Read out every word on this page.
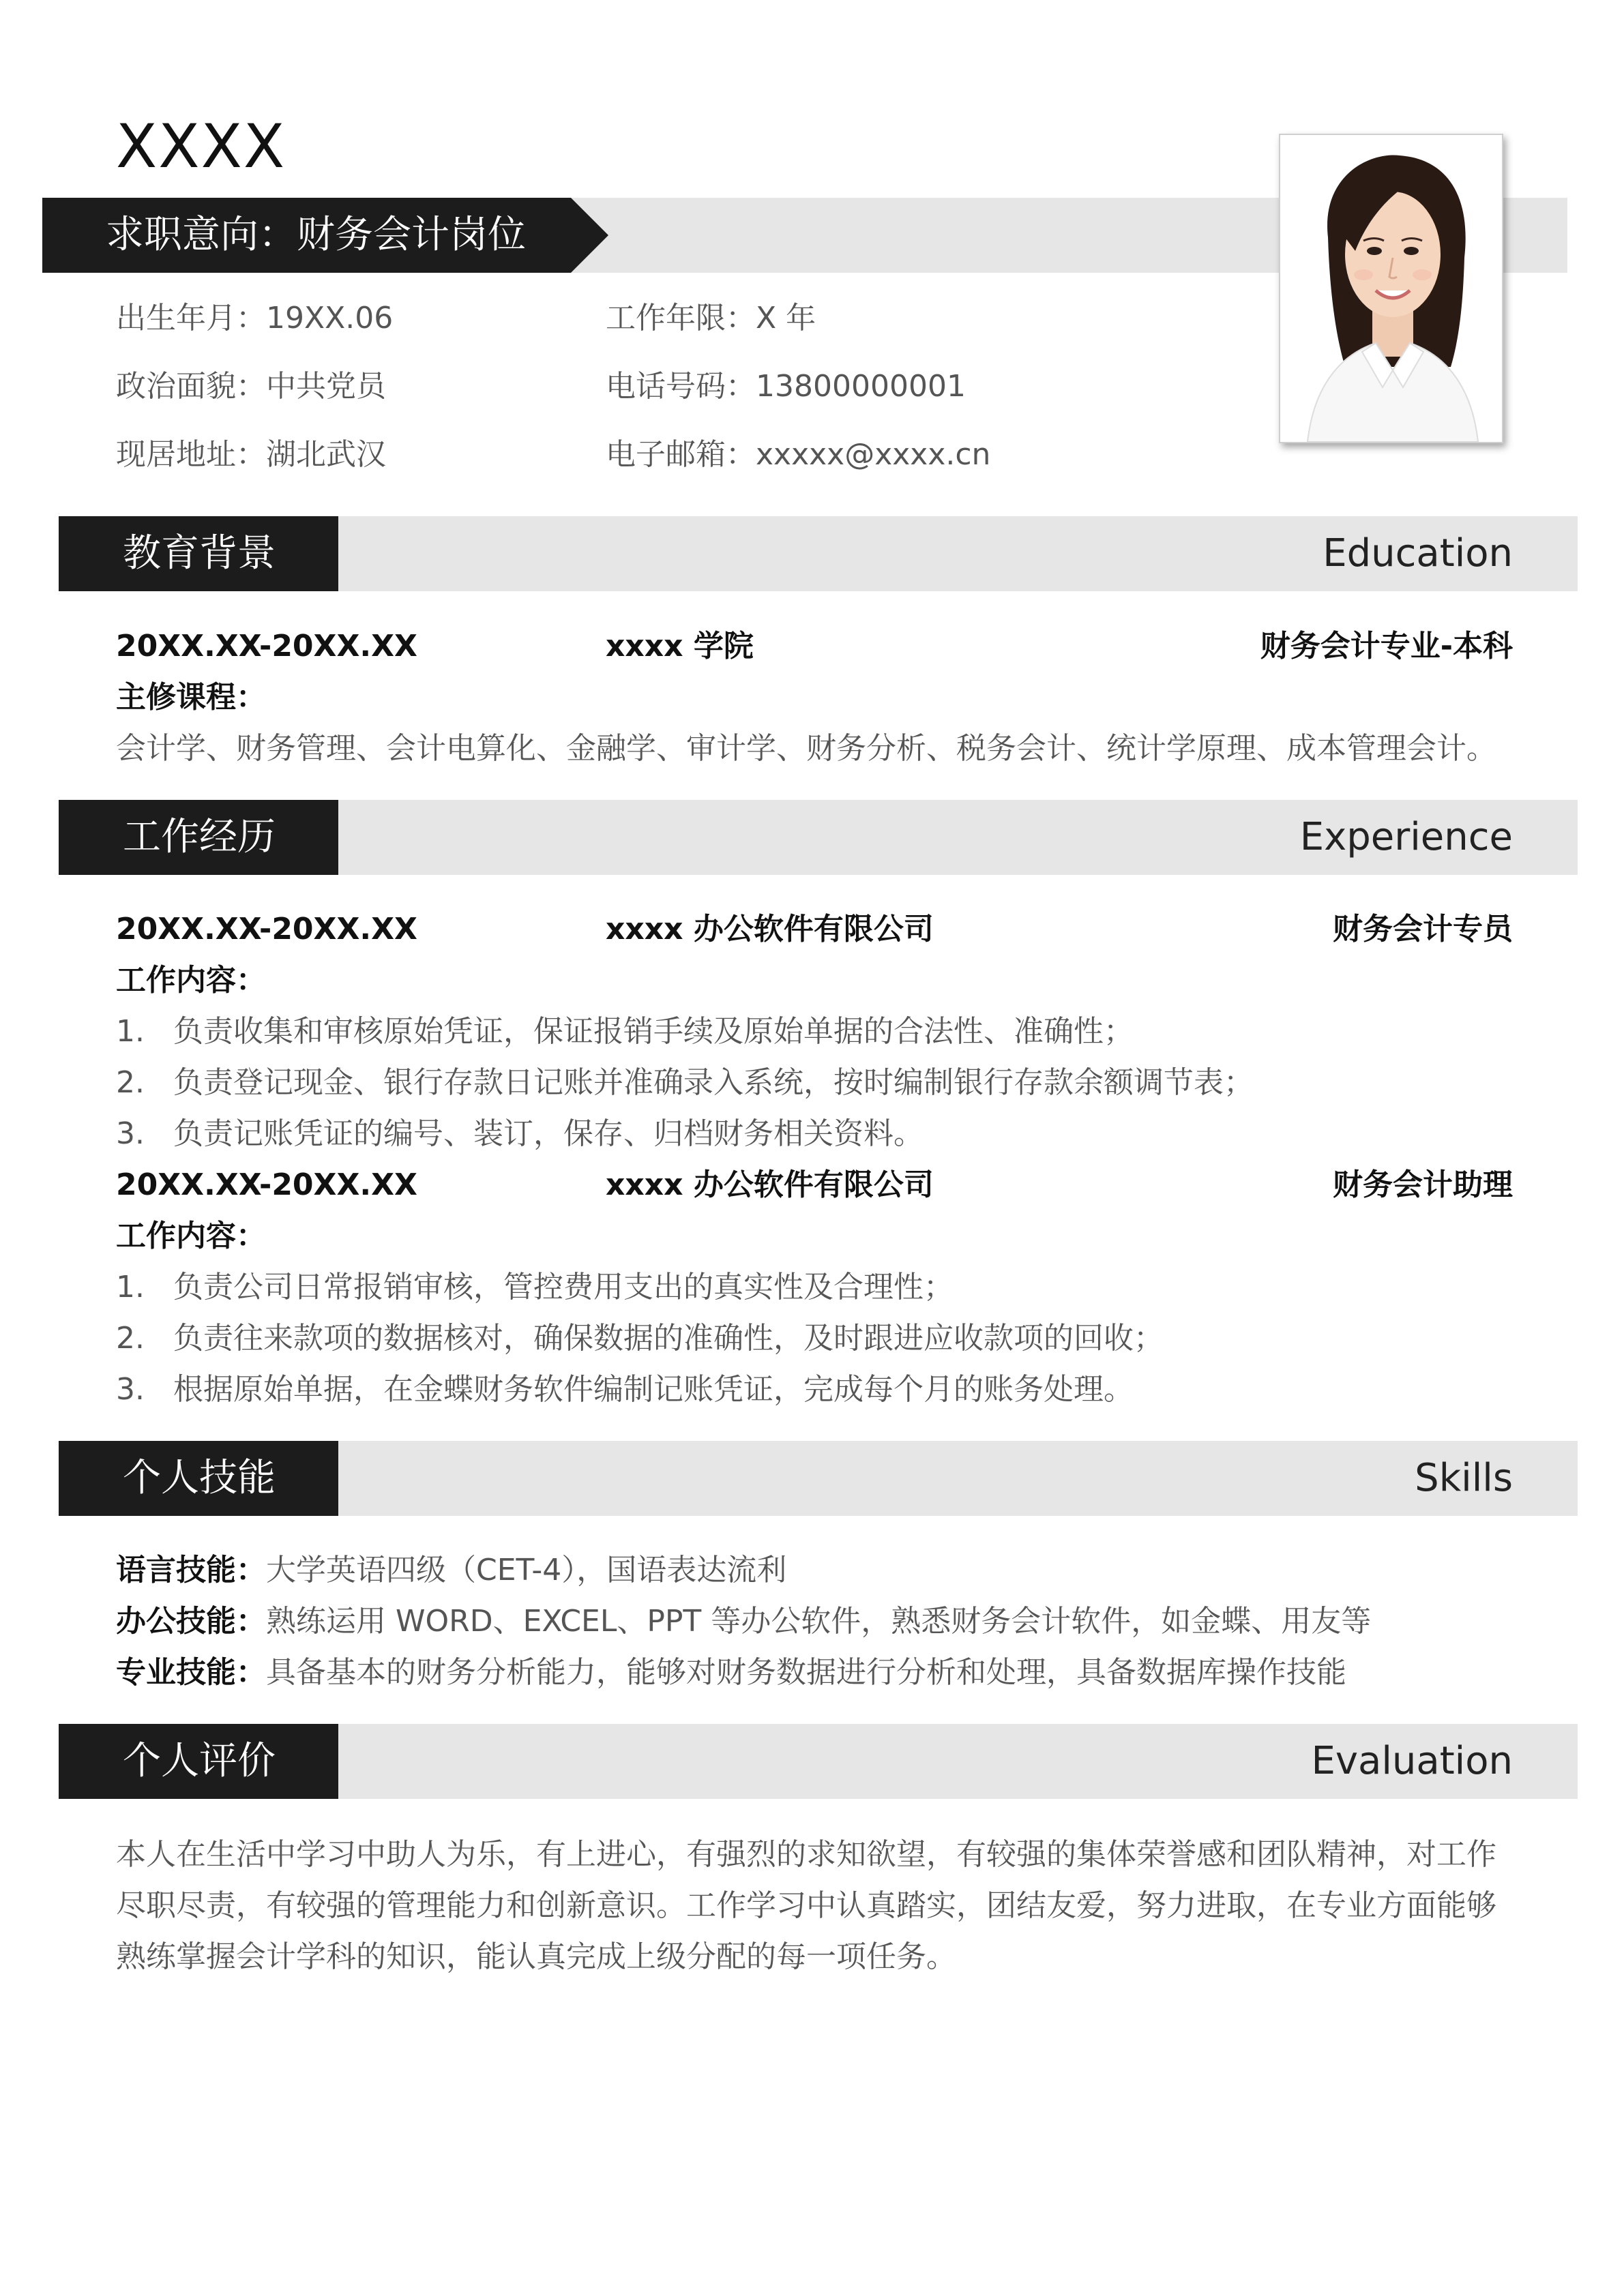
XXXX
求职意向：财务会计岗位
出生年月：19XX.06	工作年限：X 年
政治面貌：中共党员	电话号码：13800000001
现居地址：湖北武汉	电子邮箱：xxxxx@xxxx.cn
教育背景	Education
20XX.XX-20XX.XX	xxxx 学院	财务会计专业-本科
主修课程：
会计学、财务管理、会计电算化、金融学、审计学、财务分析、税务会计、统计学原理、成本管理会计。
工作经历	Experience
20XX.XX-20XX.XX	xxxx 办公软件有限公司	财务会计专员
工作内容：
1. 负责收集和审核原始凭证，保证报销手续及原始单据的合法性、准确性；
2. 负责登记现金、银行存款日记账并准确录入系统，按时编制银行存款余额调节表；
3. 负责记账凭证的编号、装订，保存、归档财务相关资料。
20XX.XX-20XX.XX	xxxx 办公软件有限公司	财务会计助理
工作内容：
1. 负责公司日常报销审核，管控费用支出的真实性及合理性；
2. 负责往来款项的数据核对，确保数据的准确性，及时跟进应收款项的回收；
3. 根据原始单据，在金蝶财务软件编制记账凭证，完成每个月的账务处理。
个人技能	Skills
语言技能：大学英语四级（CET-4），国语表达流利
办公技能：熟练运用 WORD、EXCEL、PPT 等办公软件，熟悉财务会计软件，如金蝶、用友等
专业技能：具备基本的财务分析能力，能够对财务数据进行分析和处理，具备数据库操作技能
个人评价	Evaluation
本人在生活中学习中助人为乐，有上进心，有强烈的求知欲望，有较强的集体荣誉感和团队精神，对工作
尽职尽责，有较强的管理能力和创新意识。工作学习中认真踏实，团结友爱，努力进取，在专业方面能够
熟练掌握会计学科的知识，能认真完成上级分配的每一项任务。
